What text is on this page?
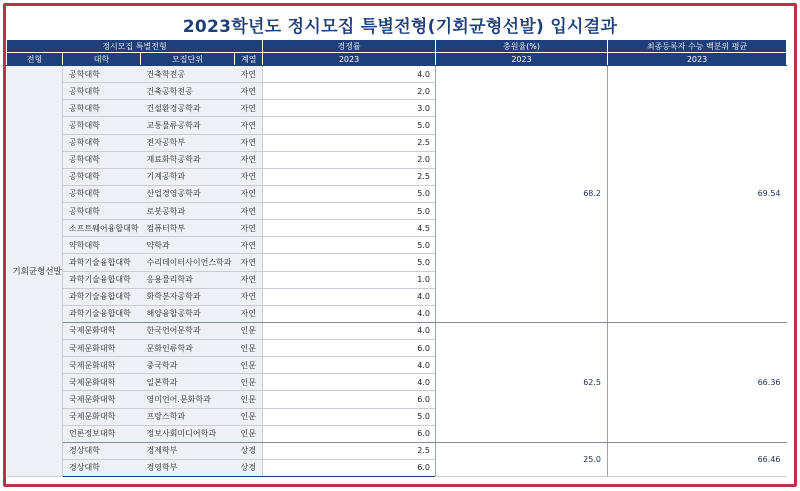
2023학년도 정시모집 특별전형(기회균형선발) 입시결과
정시모집 특별전형				경쟁률	충원율(%)	최종등록자 수능 백분위 평균
전형	대학	모집단위	계열	2023	2023	2023
기회균형선발	공학대학	건축학전공	자연	4.0	68.2	69.54
	공학대학	건축공학전공	자연	2.0		
	공학대학	건설환경공학과	자연	3.0		
	공학대학	교통물류공학과	자연	5.0		
	공학대학	전자공학부	자연	2.5		
	공학대학	재료화학공학과	자연	2.0		
	공학대학	기계공학과	자연	2.5		
	공학대학	산업경영공학과	자연	5.0		
	공학대학	로봇공학과	자연	5.0		
	소프트웨어융합대학	컴퓨터학부	자연	4.5		
	약학대학	약학과	자연	5.0		
	과학기술융합대학	수리데이터사이언스학과	자연	5.0		
	과학기술융합대학	응용물리학과	자연	1.0		
	과학기술융합대학	화학분자공학과	자연	4.0		
	과학기술융합대학	해양융합공학과	자연	4.0		
	국제문화대학	한국언어문학과	인문	4.0	62.5	66.36
	국제문화대학	문화인류학과	인문	6.0		
	국제문화대학	중국학과	인문	4.0		
	국제문화대학	일본학과	인문	4.0		
	국제문화대학	영미언어.문화학과	인문	6.0		
	국제문화대학	프랑스학과	인문	5.0		
	언론정보대학	정보사회미디어학과	인문	6.0		
	경상대학	경제학부	상경	2.5	25.0	66.46
	경상대학	경영학부	상경	6.0		
